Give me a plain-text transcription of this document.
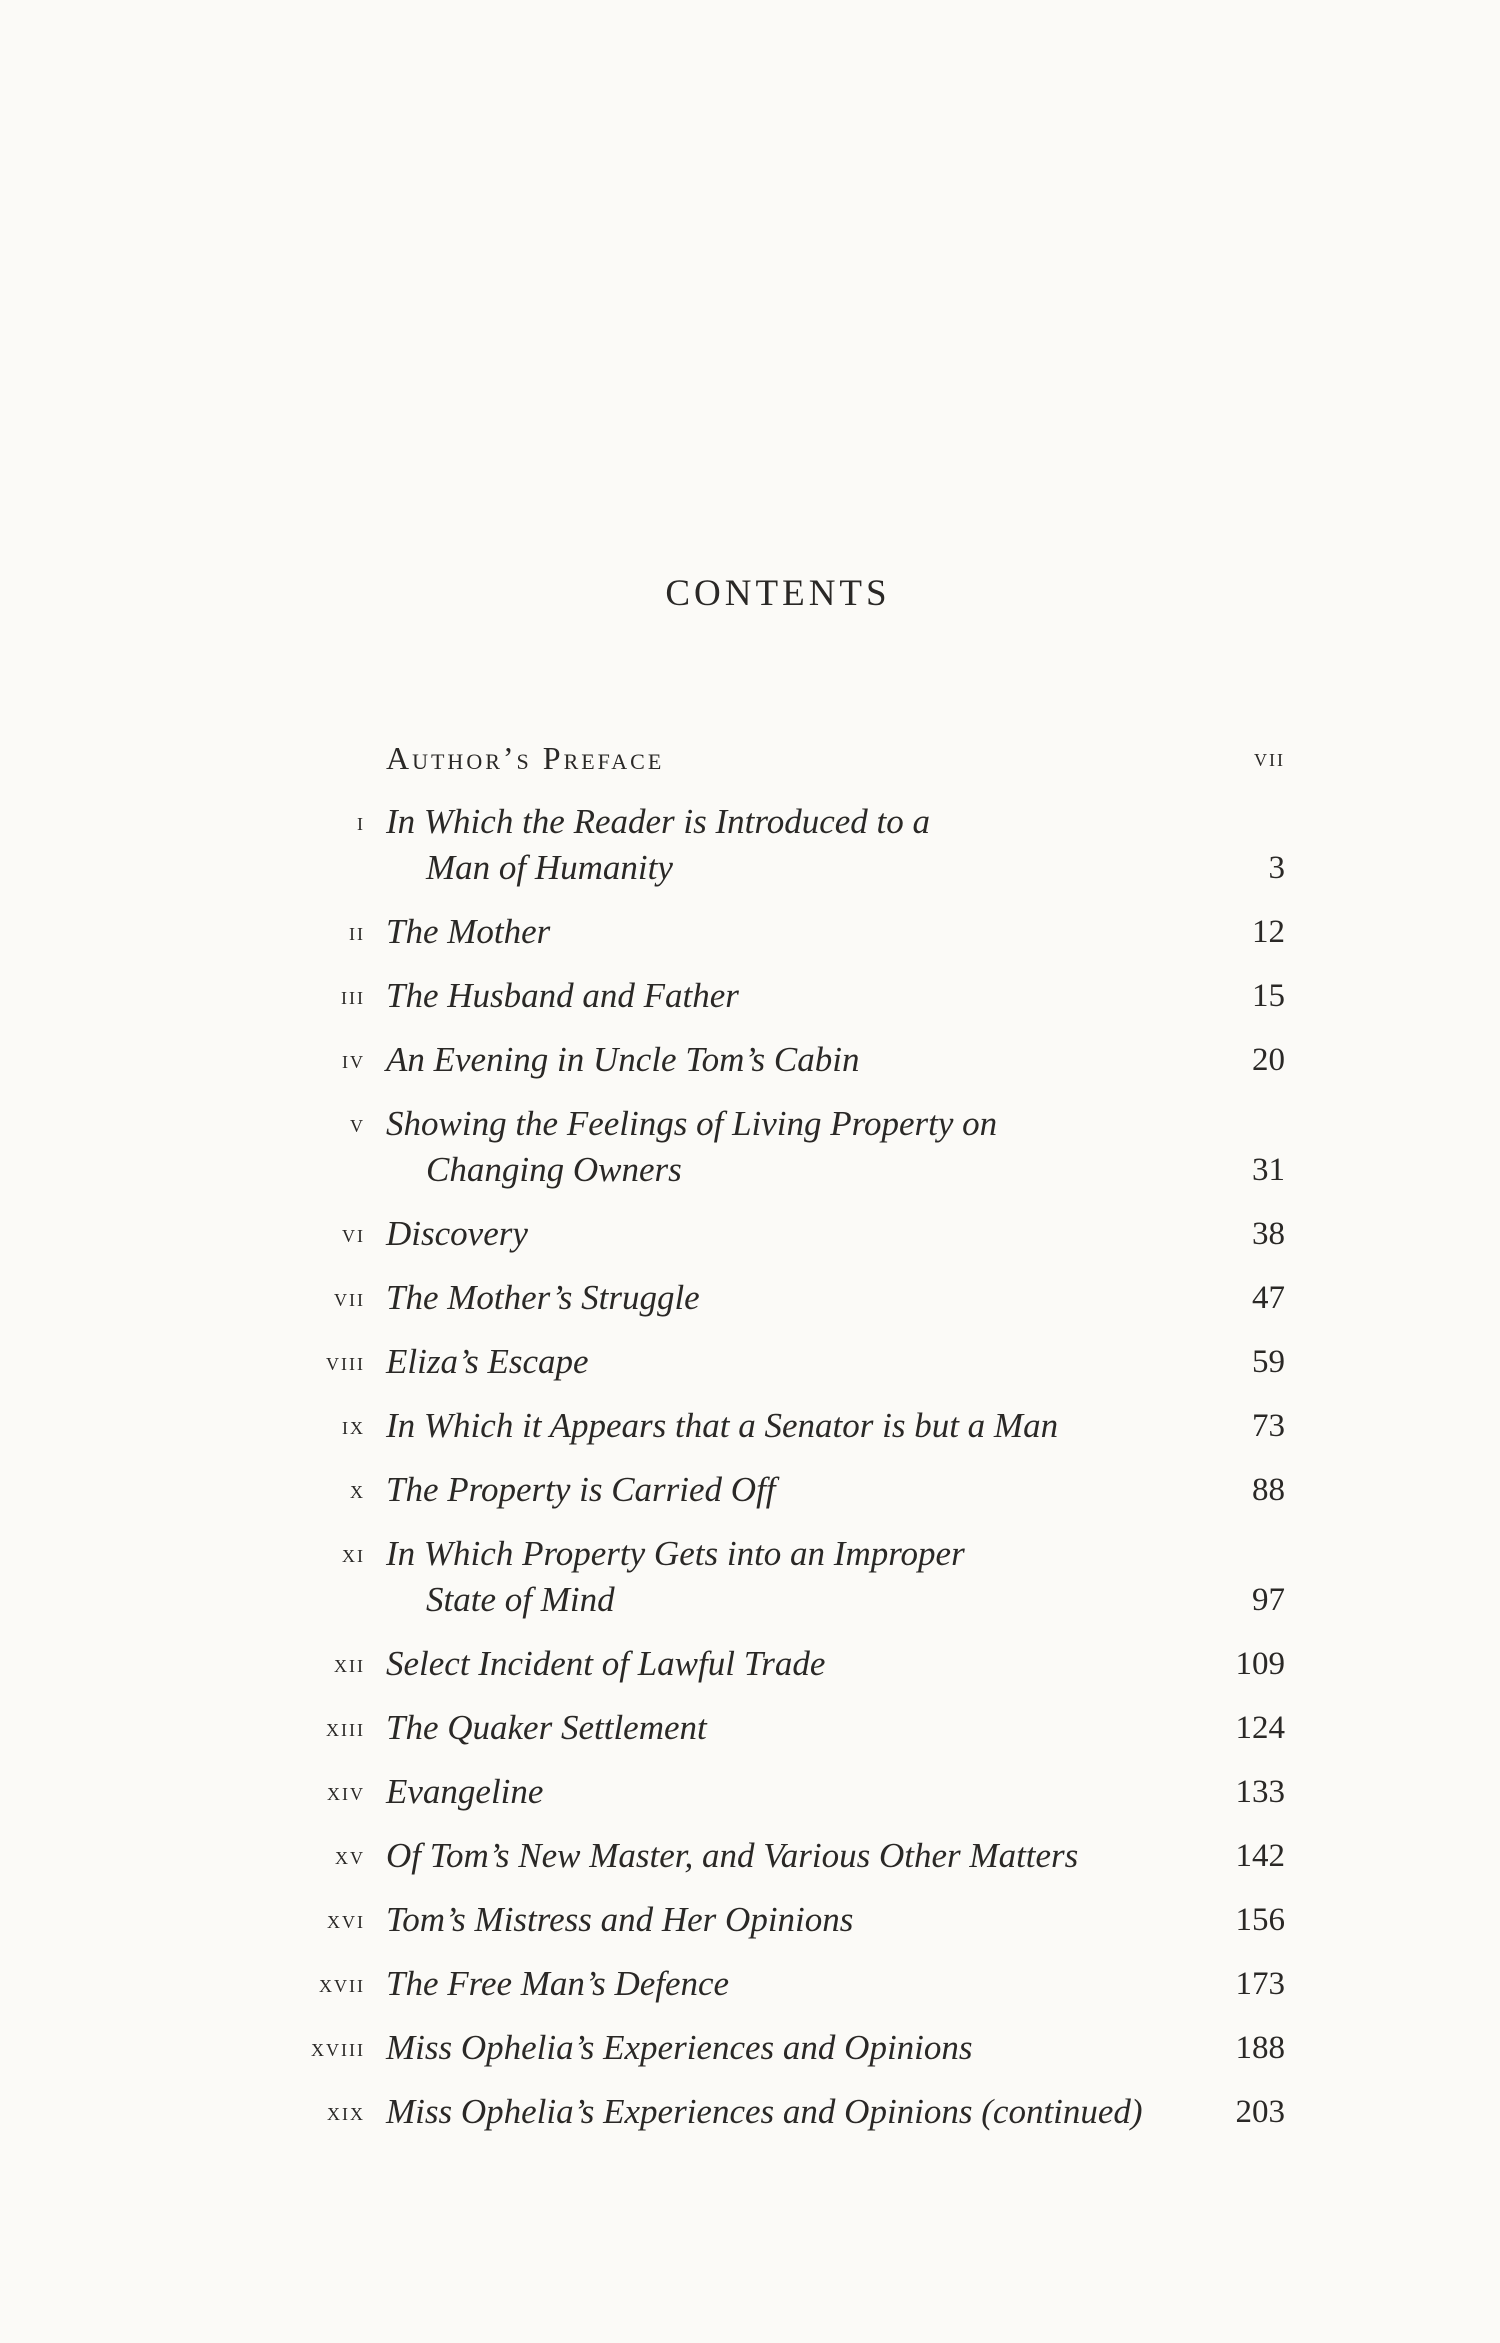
CONTENTS
Author’s Preface	vii
i In Which the Reader is Introduced to a
Man of Humanity	3
ii The Mother	12
iii The Husband and Father	15
iv An Evening in Uncle Tom’s Cabin	20
v Showing the Feelings of Living Property on
Changing Owners	31
vi Discovery	38
vii The Mother’s Struggle	47
viii Eliza’s Escape	59
ix In Which it Appears that a Senator is but a Man	73
x The Property is Carried Off	88
xi In Which Property Gets into an Improper
State of Mind	97
xii Select Incident of Lawful Trade	109
xiii The Quaker Settlement	124
xiv Evangeline	133
xv Of Tom’s New Master, and Various Other Matters	142
xvi Tom’s Mistress and Her Opinions	156
xvii The Free Man’s Defence	173
xviii Miss Ophelia’s Experiences and Opinions	188
xix Miss Ophelia’s Experiences and Opinions (continued)	203
